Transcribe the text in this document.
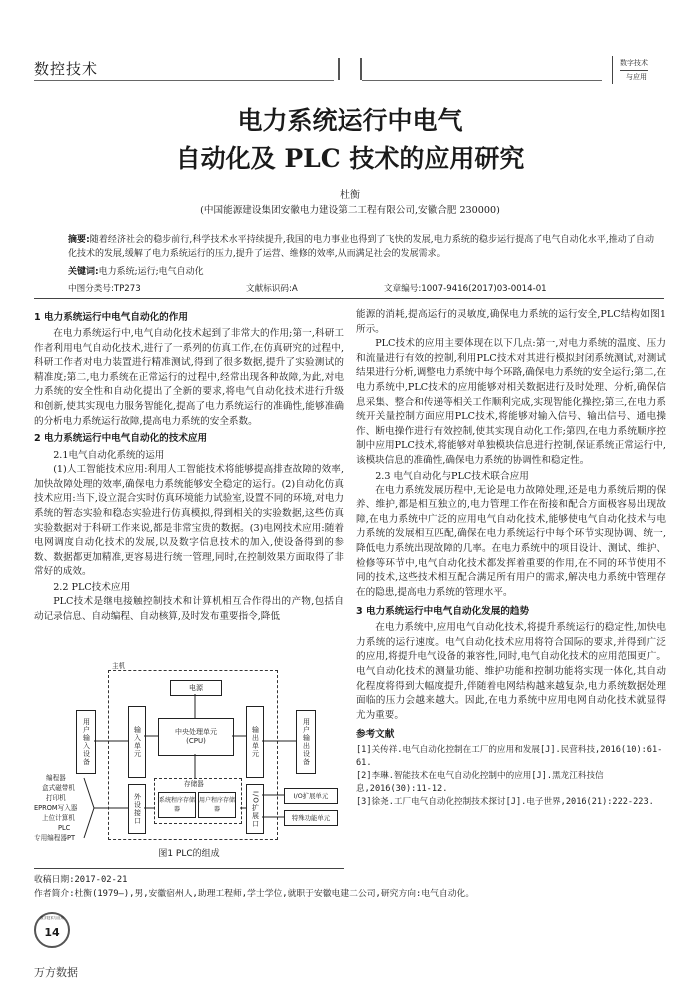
数控技术	数字技术
与应用
电力系统运行中电气
自动化及 PLC 技术的应用研究
杜衡
(中国能源建设集团安徽电力建设第二工程有限公司,安徽合肥 230000)
摘要:随着经济社会的稳步前行,科学技术水平持续提升,我国的电力事业也得到了飞快的发展,电力系统的稳步运行提高了电气自动化水平,推动了自动化技术的发展,缓解了电力系统运行的压力,提升了运营、维修的效率,从而满足社会的发展需求。
关键词:电力系统;运行;电气自动化
中图分类号:TP273	文献标识码:A	文章编号:1007-9416(2017)03-0014-01
1 电力系统运行中电气自动化的作用

在电力系统运行中,电气自动化技术起到了非常大的作用;第一,科研工作者利用电气自动化技术,进行了一系列的仿真工作,在仿真研究的过程中,科研工作者对电力装置进行精准测试,得到了很多数据,提升了实验测试的精准度;第二,电力系统在正常运行的过程中,经常出现各种故障,为此,对电力系统的安全性和自动化提出了全新的要求,将电气自动化技术进行升级和创新,使其实现电力服务智能化,提高了电力系统运行的准确性,能够准确的分析电力系统运行故障,提高电力系统的安全系数。

2 电力系统运行中电气自动化的技术应用

2.1电气自动化系统的运用

(1)人工智能技术应用:利用人工智能技术将能够提高排查故障的效率,加快故障处理的效率,确保电力系统能够安全稳定的运行。(2)自动化仿真技术应用:当下,设立混合实时仿真环境能力试验室,设置不同的环境,对电力系统的暂态实验和稳态实验进行仿真模拟,得到相关的实验数据,这些仿真实验数据对于科研工作来说,都是非常宝贵的数据。(3)电网技术应用:随着电网调度自动化技术的发展,以及数字信息技术的加入,使设备得到的参数、数据都更加精准,更容易进行统一管理,同时,在控制效果方面取得了非常好的成效。

2.2 PLC技术应用

PLC技术是继电接触控制技术和计算机相互合作得出的产物,包括自动记录信息、自动编程、自动核算,及时发布重要指令,降低

主机
电源
用户输入设备	输入单元	中央处理单元
(CPU)	输出单元	用户输出设备
存储器
系统程序存储器
用户程序存储器
外设接口	I/O扩展口	I/O扩展单元
特殊功能单元
编程器
盒式磁带机
打印机
EPROM写入器
上位计算机
PLC
专用编程器PT
图1 PLC的组成

能源的消耗,提高运行的灵敏度,确保电力系统的运行安全,PLC结构如图1所示。

PLC技术的应用主要体现在以下几点:第一,对电力系统的温度、压力和流量进行有效的控制,利用PLC技术对其进行模拟封闭系统测试,对测试结果进行分析,调整电力系统中每个环路,确保电力系统的安全运行;第二,在电力系统中,PLC技术的应用能够对相关数据进行及时处理、分析,确保信息采集、整合和传递等相关工作顺利完成,实现智能化操控;第三,在电力系统开关量控制方面应用PLC技术,将能够对输入信号、输出信号、通电操作、断电操作进行有效控制,使其实现自动化工作;第四,在电力系统顺序控制中应用PLC技术,将能够对单独模块信息进行控制,保证系统正常运行中,该模块信息的准确性,确保电力系统的协调性和稳定性。

2.3 电气自动化与PLC技术联合应用

在电力系统发展历程中,无论是电力故障处理,还是电力系统后期的保养、维护,都是相互独立的,电力管理工作在衔接和配合方面极容易出现故障,在电力系统中广泛的应用电气自动化技术,能够使电气自动化技术与电力系统的发展相互匹配,确保在电力系统运行中每个环节实现协调、统一,降低电力系统出现故障的几率。在电力系统中的项目设计、测试、维护、检修等环节中,电气自动化技术都发挥着重要的作用,在不同的环节使用不同的技术,这些技术相互配合满足所有用户的需求,解决电力系统中管理存在的隐患,提高电力系统的管理水平。

3 电力系统运行中电气自动化发展的趋势

在电力系统中,应用电气自动化技术,将提升系统运行的稳定性,加快电力系统的运行速度。电气自动化技术应用将符合国际的要求,并得到广泛的应用,将提升电气设备的兼容性,同时,电气自动化技术的应用范围更广。电气自动化技术的测量功能、维护功能和控制功能将实现一体化,其自动化程度将得到大幅度提升,伴随着电网结构越来越复杂,电力系统数据处理面临的压力会越来越大。因此,在电力系统中应用电网自动化技术就显得尤为重要。

参考文献

[1]关传祥.电气自动化控制在工厂的应用和发展[J].民营科技,2016(10):61-61.

[2]李琳.智能技术在电气自动化控制中的应用[J].黑龙江科技信息,2016(30):11-12.

[3]徐尧.工厂电气自动化控制技术探讨[J].电子世界,2016(21):222-223.

收稿日期:2017-02-21
作者简介:杜衡(1979—),男,安徽宿州人,助理工程师,学士学位,就职于安徽电建二公司,研究方向:电气自动化。
数字技术与应用
14
万方数据
